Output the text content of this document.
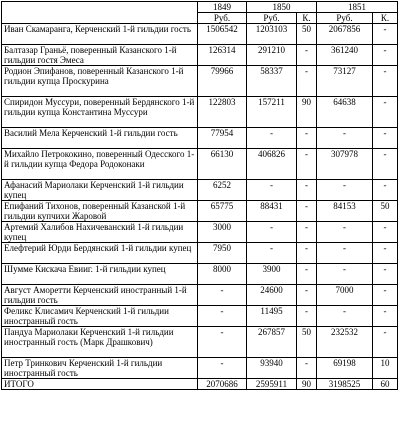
	1849	1850		1851	
	Руб.	Руб.	К.	Руб.	К.
Иван Скамаранга, Керченский 1-й гильдии гость	1506542	1203103	50	2067856	-
Балтазар Граньё, поверенный Казанского 1-й гильдии гостя Эмеса	126314	291210	-	361240	-
Родион Эпифанов, поверенный Казанского 1-й гильдии купца Проскурина	79966	58337	-	73127	-
Спиридон Муссури, поверенный Бердянского 1-й гильдии купца Константина Муссури	122803	157211	90	64638	-
Василий Мела Керченский 1-й гильдии гость	77954	-	-	-	-
Михайло Петрококино, поверенный Одесского 1-й гильдии купца Федора Родоконаки	66130	406826	-	307978	-
Афанасий Мариолаки Керченский 1-й гильдии купец	6252	-	-	-	-
Епифаний Тихонов, поверенный Казанской 1-й гильдии купчихи Жаровой	65775	88431	-	84153	50
Артемий Халибов Нахичеванский 1-й гильдии купец	3000	-	-	-	-
Елефтерий Юрди Бердянский 1-й гильдии купец	7950	-	-	-	-
Шумме Кискача Евииг. 1-й гильдии купец	8000	3900	-	-	-
Август Аморетти Керченский иностранный 1-й гильдии гость	-	24600	-	7000	-
Феликс Клисамич Керченский 1-й гильдии иностранный гость	-	11495	-	-	-
Пандуа Мариолаки Керченский 1-й гильдии иностранный гость (Марк Драшкович)	-	267857	50	232532	-
Петр Тринкович Керченский 1-й гильдии иностранный гость	-	93940	-	69198	10
ИТОГО	2070686	2595911	90	3198525	60
